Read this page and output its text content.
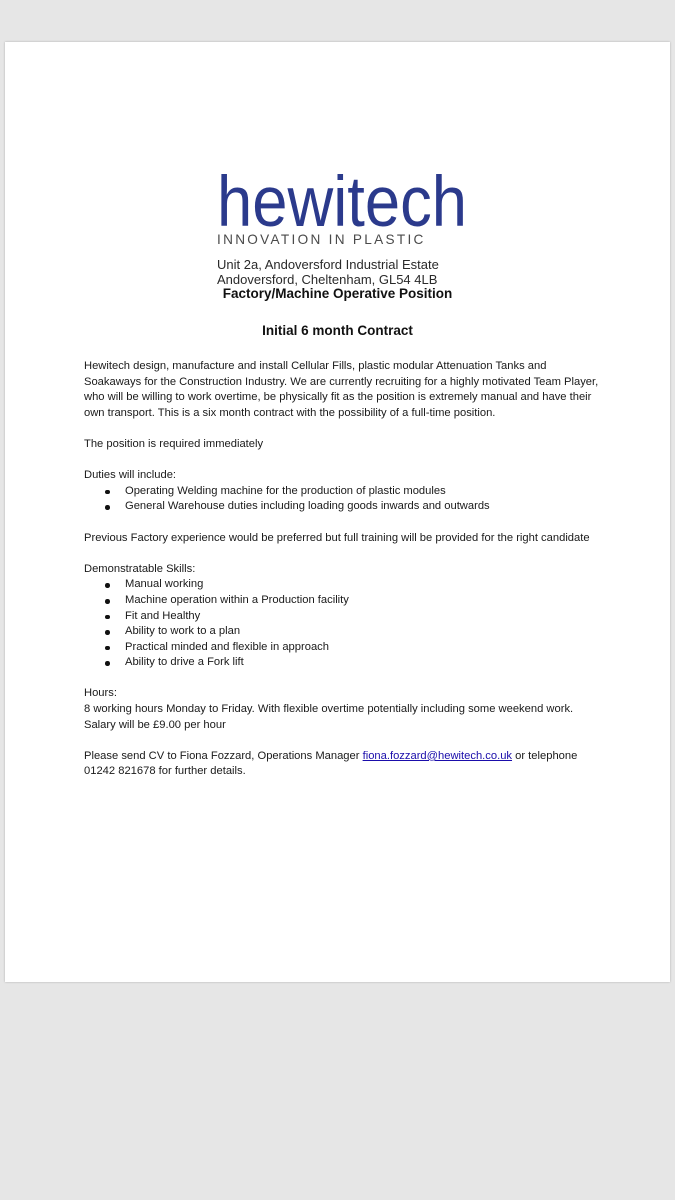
hewitech
INNOVATION IN PLASTIC
Unit 2a, Andoversford Industrial Estate
Andoversford, Cheltenham, GL54 4LB
Factory/Machine Operative Position
Initial 6 month Contract

Hewitech design, manufacture and install Cellular Fills, plastic modular Attenuation Tanks and Soakaways for the Construction Industry. We are currently recruiting for a highly motivated Team Player, who will be willing to work overtime, be physically fit as the position is extremely manual and have their own transport. This is a six month contract with the possibility of a full-time position.

The position is required immediately

Duties will include:

Operating Welding machine for the production of plastic modules
General Warehouse duties including loading goods inwards and outwards

Previous Factory experience would be preferred but full training will be provided for the right candidate

Demonstratable Skills:

Manual working
Machine operation within a Production facility
Fit and Healthy
Ability to work to a plan
Practical minded and flexible in approach
Ability to drive a Fork lift

Hours:

8 working hours Monday to Friday. With flexible overtime potentially including some weekend work.

Salary will be £9.00 per hour

Please send CV to Fiona Fozzard, Operations Manager fiona.fozzard@hewitech.co.uk or telephone 01242 821678 for further details.
